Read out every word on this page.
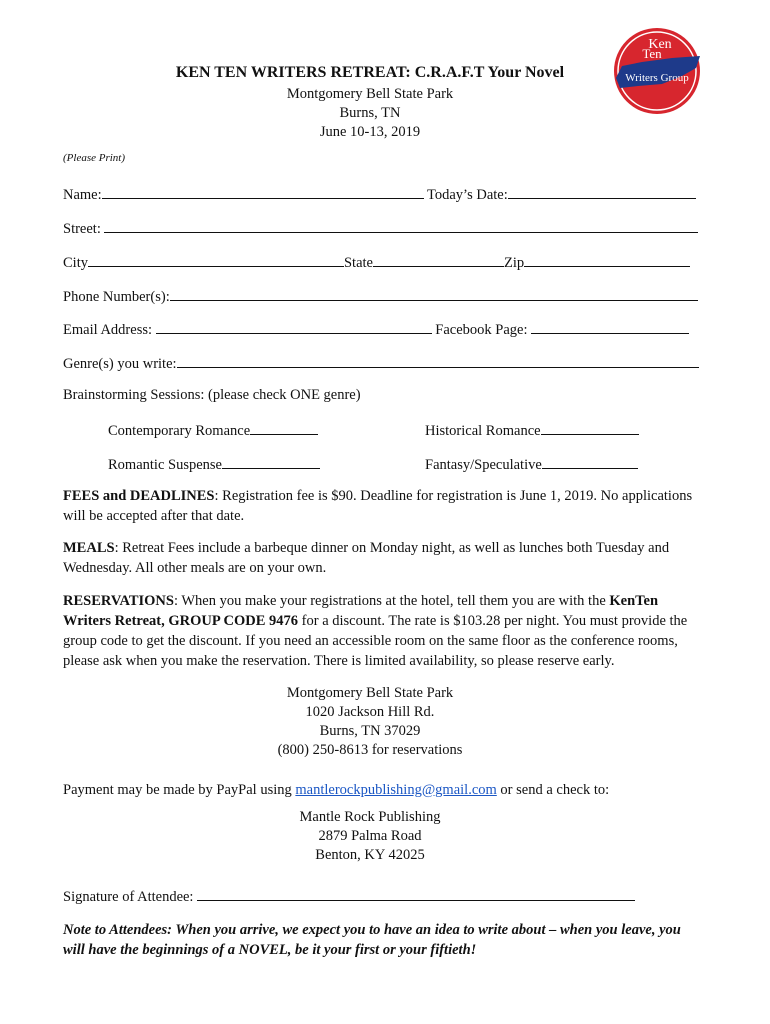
KEN TEN WRITERS RETREAT: C.R.A.F.T Your Novel
Montgomery Bell State Park
Burns, TN
June 10-13, 2019
Ken
Ten
Writers Group
(Please Print)
Name:	Today’s Date:
Street:
City	State	Zip
Phone Number(s):
Email Address:	Facebook Page:
Genre(s) you write:
Brainstorming Sessions: (please check ONE genre)
Contemporary Romance	Historical Romance
Romantic Suspense	Fantasy/Speculative
FEES and DEADLINES: Registration fee is $90. Deadline for registration is June 1, 2019. No applications will be accepted after that date.
MEALS: Retreat Fees include a barbeque dinner on Monday night, as well as lunches both Tuesday and Wednesday. All other meals are on your own.
RESERVATIONS: When you make your registrations at the hotel, tell them you are with the KenTen Writers Retreat, GROUP CODE 9476 for a discount. The rate is $103.28 per night. You must provide the group code to get the discount. If you need an accessible room on the same floor as the conference rooms, please ask when you make the reservation. There is limited availability, so please reserve early.
Montgomery Bell State Park
1020 Jackson Hill Rd.
Burns, TN 37029
(800) 250-8613 for reservations
Payment may be made by PayPal using mantlerockpublishing@gmail.com or send a check to:
Mantle Rock Publishing
2879 Palma Road
Benton, KY 42025
Signature of Attendee:
Note to Attendees: When you arrive, we expect you to have an idea to write about – when you leave, you will have the beginnings of a NOVEL, be it your first or your fiftieth!
